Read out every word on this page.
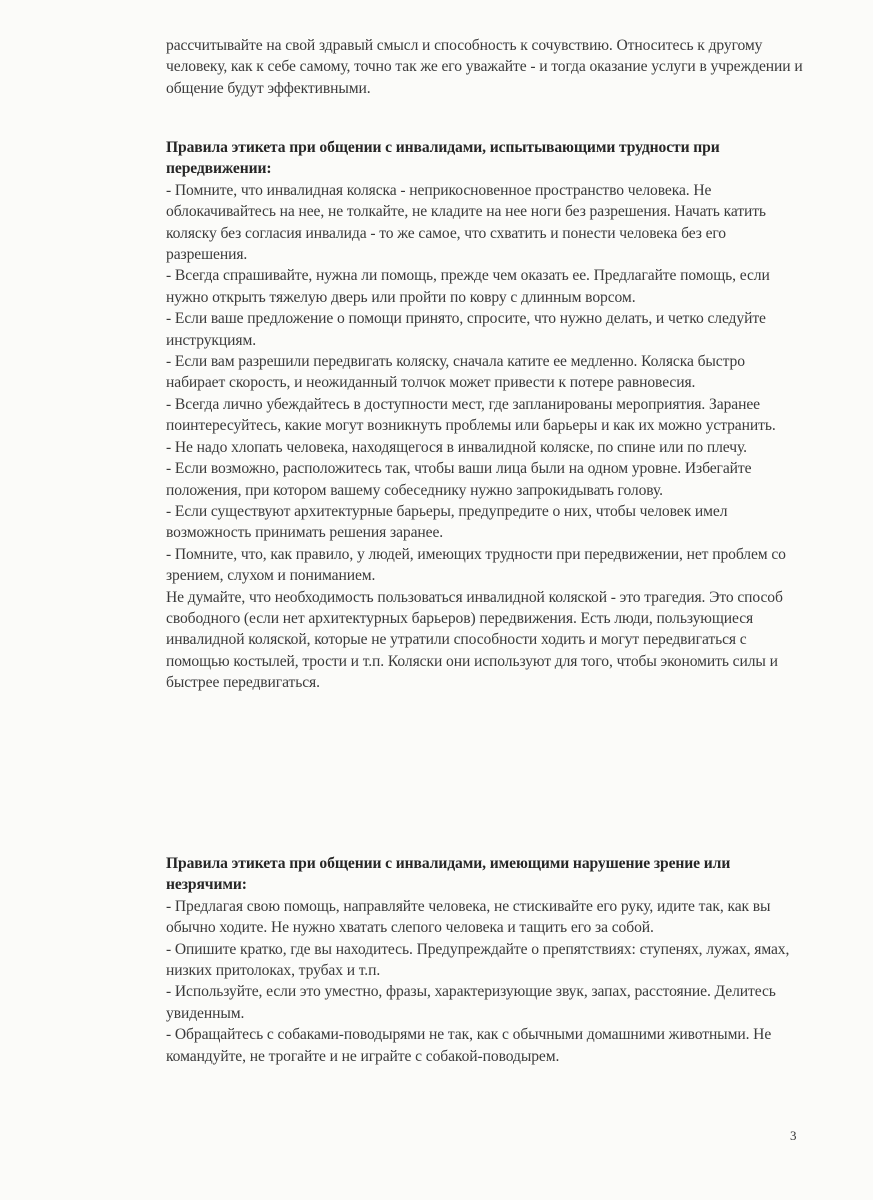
рассчитывайте на свой здравый смысл и способность к сочувствию. Относитесь к другому человеку, как к себе самому, точно так же его уважайте - и тогда оказание услуги в учреждении и общение будут эффективными.

Правила этикета при общении с инвалидами, испытывающими трудности при передвижении:

- Помните, что инвалидная коляска - неприкосновенное пространство человека. Не облокачивайтесь на нее, не толкайте, не кладите на нее ноги без разрешения. Начать катить коляску без согласия инвалида - то же самое, что схватить и понести человека без его разрешения.

- Всегда спрашивайте, нужна ли помощь, прежде чем оказать ее. Предлагайте помощь, если нужно открыть тяжелую дверь или пройти по ковру с длинным ворсом.

- Если ваше предложение о помощи принято, спросите, что нужно делать, и четко следуйте инструкциям.

- Если вам разрешили передвигать коляску, сначала катите ее медленно. Коляска быстро набирает скорость, и неожиданный толчок может привести к потере равновесия.

- Всегда лично убеждайтесь в доступности мест, где запланированы мероприятия. Заранее поинтересуйтесь, какие могут возникнуть проблемы или барьеры и как их можно устранить.

- Не надо хлопать человека, находящегося в инвалидной коляске, по спине или по плечу.

- Если возможно, расположитесь так, чтобы ваши лица были на одном уровне. Избегайте положения, при котором вашему собеседнику нужно запрокидывать голову.

- Если существуют архитектурные барьеры, предупредите о них, чтобы человек имел возможность принимать решения заранее.

- Помните, что, как правило, у людей, имеющих трудности при передвижении, нет проблем со зрением, слухом и пониманием.

Не думайте, что необходимость пользоваться инвалидной коляской - это трагедия. Это способ свободного (если нет архитектурных барьеров) передвижения. Есть люди, пользующиеся инвалидной коляской, которые не утратили способности ходить и могут передвигаться с помощью костылей, трости и т.п. Коляски они используют для того, чтобы экономить силы и быстрее передвигаться.

Правила этикета при общении с инвалидами, имеющими нарушение зрение или незрячими:

- Предлагая свою помощь, направляйте человека, не стискивайте его руку, идите так, как вы обычно ходите. Не нужно хватать слепого человека и тащить его за собой.

- Опишите кратко, где вы находитесь. Предупреждайте о препятствиях: ступенях, лужах, ямах, низких притолоках, трубах и т.п.

- Используйте, если это уместно, фразы, характеризующие звук, запах, расстояние. Делитесь увиденным.

- Обращайтесь с собаками-поводырями не так, как с обычными домашними животными. Не командуйте, не трогайте и не играйте с собакой-поводырем.

3
